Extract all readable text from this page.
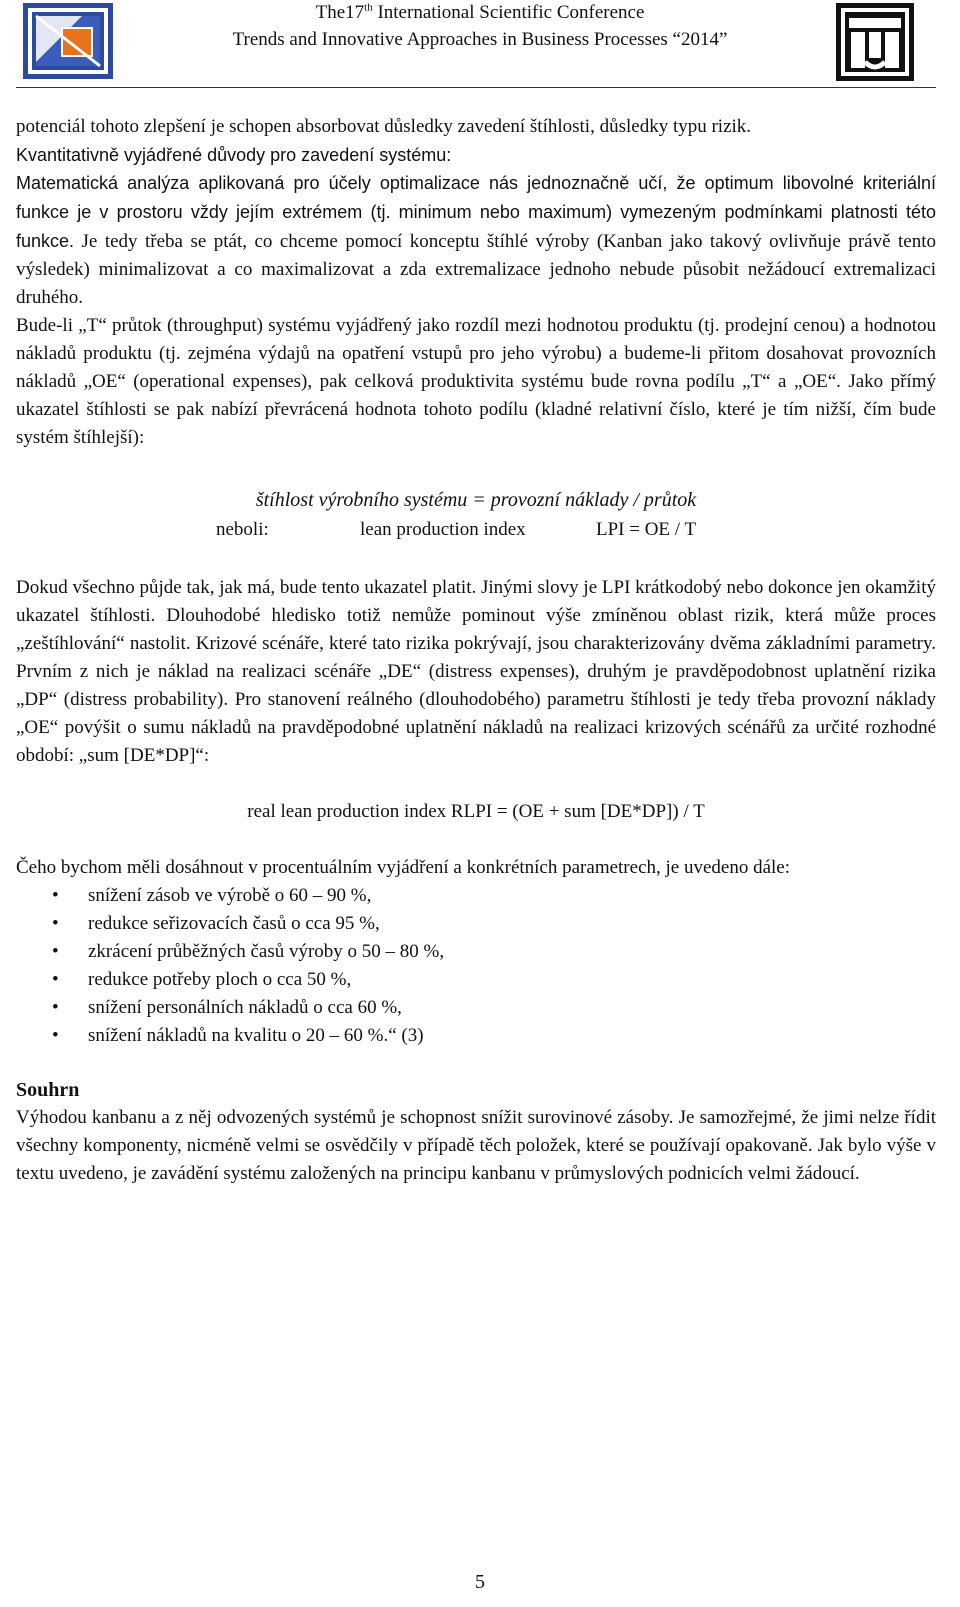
The17th International Scientific Conference
Trends and Innovative Approaches in Business Processes “2014”

potenciál tohoto zlepšení je schopen absorbovat důsledky zavedení štíhlosti, důsledky typu rizik.

Kvantitativně vyjádřené důvody pro zavedení systému:

Matematická analýza aplikovaná pro účely optimalizace nás jednoznačně učí, že optimum libovolné kriteriální funkce je v prostoru vždy jejím extrémem (tj. minimum nebo maximum) vymezeným podmínkami platnosti této funkce. Je tedy třeba se ptát, co chceme pomocí konceptu štíhlé výroby (Kanban jako takový ovlivňuje právě tento výsledek) minimalizovat a co maximalizovat a zda extremalizace jednoho nebude působit nežádoucí extremalizaci druhého.

Bude-li „T“ průtok (throughput) systému vyjádřený jako rozdíl mezi hodnotou produktu (tj. prodejní cenou) a hodnotou nákladů produktu (tj. zejména výdajů na opatření vstupů pro jeho výrobu) a budeme-li přitom dosahovat provozních nákladů „OE“ (operational expenses), pak celková produktivita systému bude rovna podílu „T“ a „OE“. Jako přímý ukazatel štíhlosti se pak nabízí převrácená hodnota tohoto podílu (kladné relativní číslo, které je tím nižší, čím bude systém štíhlejší):

štíhlost výrobního systému = provozní náklady / průtok
neboli:	lean production index	LPI = OE / T

Dokud všechno půjde tak, jak má, bude tento ukazatel platit. Jinými slovy je LPI krátkodobý nebo dokonce jen okamžitý ukazatel štíhlosti. Dlouhodobé hledisko totiž nemůže pominout výše zmíněnou oblast rizik, která může proces „zeštíhlování“ nastolit. Krizové scénáře, které tato rizika pokrývají, jsou charakterizovány dvěma základními parametry. Prvním z nich je náklad na realizaci scénáře „DE“ (distress expenses), druhým je pravděpodobnost uplatnění rizika „DP“ (distress probability). Pro stanovení reálného (dlouhodobého) parametru štíhlosti je tedy třeba provozní náklady „OE“ povýšit o sumu nákladů na pravděpodobné uplatnění nákladů na realizaci krizových scénářů za určité rozhodné období: „sum [DE*DP]“:

real lean production index RLPI = (OE + sum [DE*DP]) / T

Čeho bychom měli dosáhnout v procentuálním vyjádření a konkrétních parametrech, je uvedeno dále:

• snížení zásob ve výrobě o 60 – 90 %,
• redukce seřizovacích časů o cca 95 %,
• zkrácení průběžných časů výroby o 50 – 80 %,
• redukce potřeby ploch o cca 50 %,
• snížení personálních nákladů o cca 60 %,
• snížení nákladů na kvalitu o 20 – 60 %.“ (3)
Souhrn

Výhodou kanbanu a z něj odvozených systémů je schopnost snížit surovinové zásoby. Je samozřejmé, že jimi nelze řídit všechny komponenty, nicméně velmi se osvědčily v případě těch položek, které se používají opakovaně. Jak bylo výše v textu uvedeno, je zavádění systému založených na principu kanbanu v průmyslových podnicích velmi žádoucí.

5
